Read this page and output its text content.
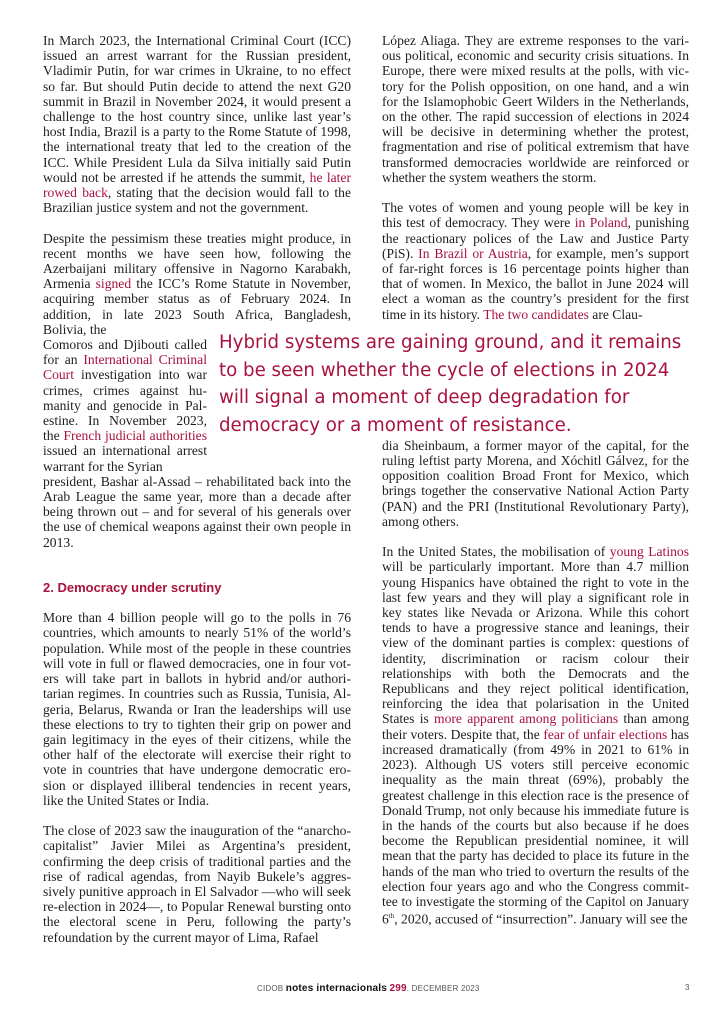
In March 2023, the International Criminal Court (ICC) issued an arrest warrant for the Russian president, Vladimir Putin, for war crimes in Ukraine, to no effect so far. But should Putin decide to attend the next G20 summit in Brazil in November 2024, it would present a challenge to the host country since, unlike last year’s host India, Brazil is a party to the Rome Statute of 1998, the international treaty that led to the creation of the ICC. While President Lula da Silva initially said Putin would not be arrested if he attends the summit, he later rowed back, stating that the decision would fall to the Brazilian justice system and not the government.

Despite the pessimism these treaties might produce, in recent months we have seen how, following the Azerbaijani military offensive in Nagorno Karabakh, Armenia signed the ICC’s Rome Statute in November, acquiring member status as of February 2024. In addition, in late 2023 South Africa, Bangladesh, Bolivia, the

Comoros and Djibouti called for an International Criminal Court investigation into war crimes, crimes against humanity and genocide in Palestine. In November 2023, the French judicial authorities issued an international arrest warrant for the Syrian

president, Bashar al-Assad – rehabilitated back into the Arab League the same year, more than a decade after being thrown out – and for several of his generals over the use of chemical weapons against their own people in 2013.

2. Democracy under scrutiny

More than 4 billion people will go to the polls in 76 countries, which amounts to nearly 51% of the world’s population. While most of the people in these countries will vote in full or flawed democracies, one in four voters will take part in ballots in hybrid and/or authoritarian regimes. In countries such as Russia, Tunisia, Algeria, Belarus, Rwanda or Iran the leaderships will use these elections to try to tighten their grip on power and gain legitimacy in the eyes of their citizens, while the other half of the electorate will exercise their right to vote in countries that have undergone democratic erosion or displayed illiberal tendencies in recent years, like the United States or India.

The close of 2023 saw the inauguration of the “anarcho-capitalist” Javier Milei as Argentina’s president, confirming the deep crisis of traditional parties and the rise of radical agendas, from Nayib Bukele’s aggressively punitive approach in El Salvador —who will seek re-election in 2024—, to Popular Renewal bursting onto the electoral scene in Peru, following the party’s refoundation by the current mayor of Lima, Rafael

López Aliaga. They are extreme responses to the various political, economic and security crisis situations. In Europe, there were mixed results at the polls, with victory for the Polish opposition, on one hand, and a win for the Islamophobic Geert Wilders in the Netherlands, on the other. The rapid succession of elections in 2024 will be decisive in determining whether the protest, fragmentation and rise of political extremism that have transformed democracies worldwide are reinforced or whether the system weathers the storm.

The votes of women and young people will be key in this test of democracy. They were in Poland, punishing the reactionary polices of the Law and Justice Party (PiS). In Brazil or Austria, for example, men’s support of far-right forces is 16 percentage points higher than that of women. In Mexico, the ballot in June 2024 will elect a woman as the country’s president for the first time in its history. The two candidates are Clau-

dia Sheinbaum, a former mayor of the capital, for the ruling leftist party Morena, and Xóchitl Gálvez, for the opposition coalition Broad Front for Mexico, which brings together the conservative National Action Party (PAN) and the PRI (Institutional Revolutionary Party), among others.

In the United States, the mobilisation of young Latinos will be particularly important. More than 4.7 million young Hispanics have obtained the right to vote in the last few years and they will play a significant role in key states like Nevada or Arizona. While this cohort tends to have a progressive stance and leanings, their view of the dominant parties is complex: questions of identity, discrimination or racism colour their relationships with both the Democrats and the Republicans and they reject political identification, reinforcing the idea that polarisation in the United States is more apparent among politicians than among their voters. Despite that, the fear of unfair elections has increased dramatically (from 49% in 2021 to 61% in 2023). Although US voters still perceive economic inequality as the main threat (69%), probably the greatest challenge in this election race is the presence of Donald Trump, not only because his immediate future is in the hands of the courts but also because if he does become the Republican presidential nominee, it will mean that the party has decided to place its future in the hands of the man who tried to overturn the results of the election four years ago and who the Congress committee to investigate the storming of the Capitol on January 6th, 2020, accused of “insurrection”. January will see the

Hybrid systems are gaining ground, and it remains to be seen whether the cycle of elections in 2024 will signal a moment of deep degradation for democracy or a moment of resistance.
CIDOB notes internacionals 299. DECEMBER 2023	3
